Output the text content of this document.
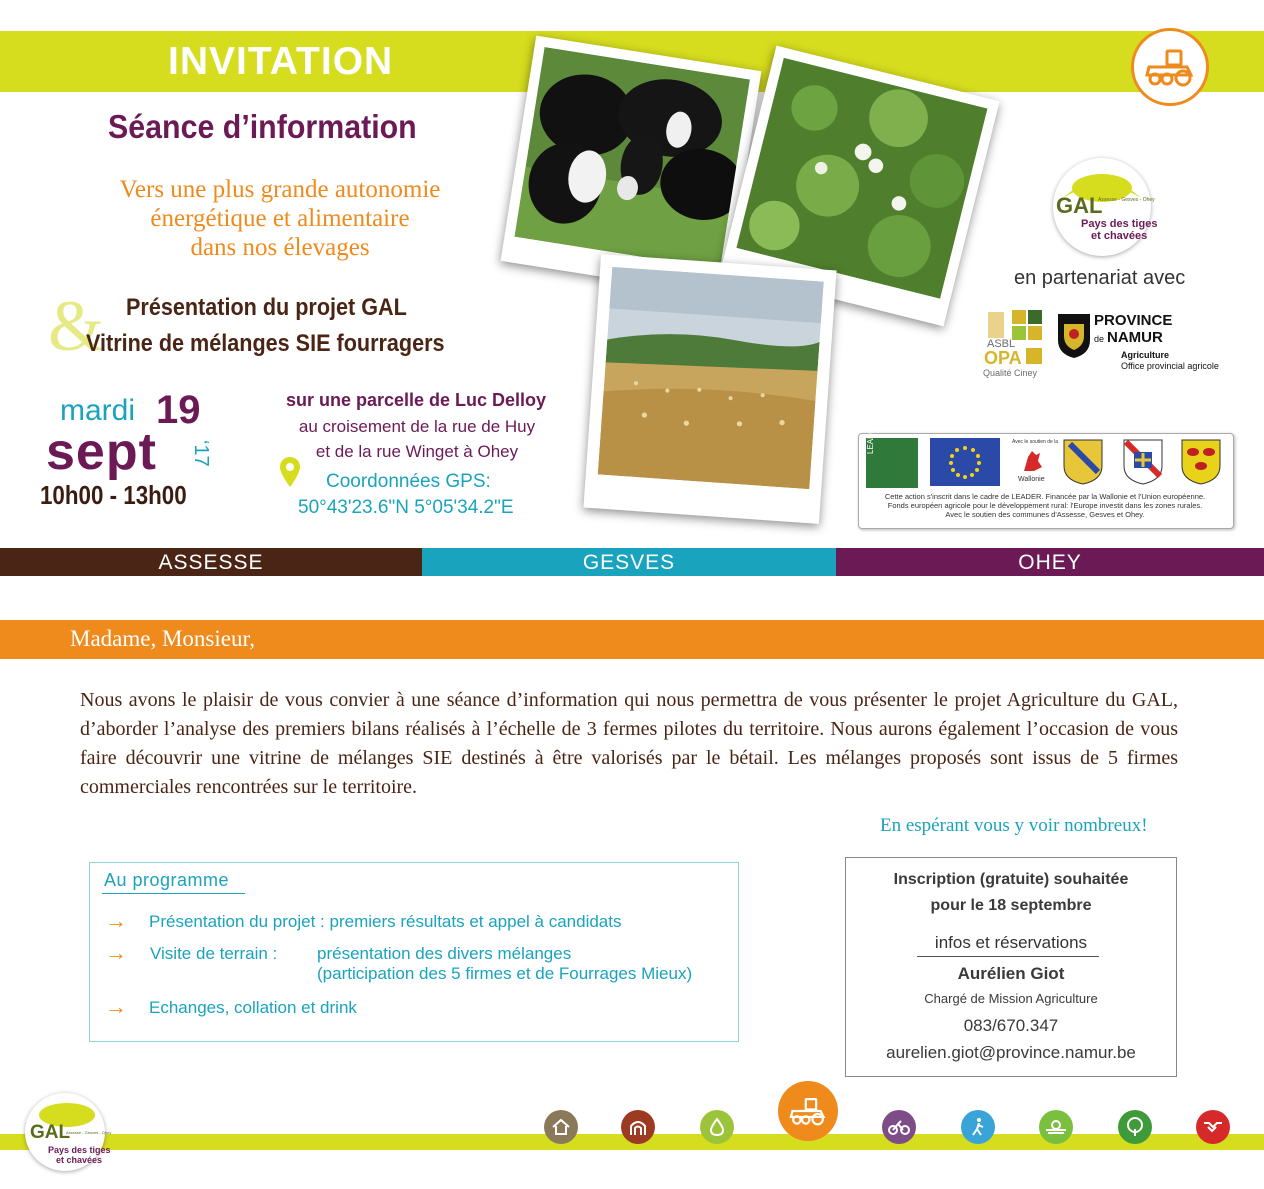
INVITATION
Séance d’information
Vers une plus grande autonomie
énergétique et alimentaire
dans nos élevages
& Présentation du projet GAL
Vitrine de mélanges SIE fourragers
mardi 19
sept ‘17
10h00 - 13h00
sur une parcelle de Luc Delloy
au croisement de la rue de Huy
et de la rue Winget à Ohey
Coordonnées GPS:
50°43'23.6"N 5°05'34.2"E
GAL
Assesse - Gesves - Ohey
Pays des tiges
et chavées
en partenariat avec
ASBL
OPA
Qualité Ciney
PROVINCE
de NAMUR
Agriculture
Office provincial agricole
LEADER	Avec le soutien de la
Wallonie
Cette action s'inscrit dans le cadre de LEADER. Financée par la Wallonie et l'Union européenne.
Fonds européen agricole pour le développement rural: l'Europe investit dans les zones rurales.
Avec le soutien des communes d'Assesse, Gesves et Ohey.
ASSESSE	GESVES	OHEY
Madame, Monsieur,
Nous avons le plaisir de vous convier à une séance d’information qui nous permettra de vous présenter le projet Agriculture du GAL, d’aborder l’analyse des premiers bilans réalisés à l’échelle de 3 fermes pilotes du territoire. Nous aurons également l’occasion de vous faire découvrir une vitrine de mélanges SIE destinés à être valorisés par le bétail. Les mélanges proposés sont issus de 5 firmes commerciales rencontrées sur le territoire.
En espérant vous y voir nombreux!
Au programme
→ Présentation du projet : premiers résultats et appel à candidats
→ Visite de terrain : présentation des divers mélanges
(participation des 5 firmes et de Fourrages Mieux)
→ Echanges, collation et drink
Inscription (gratuite) souhaitée
pour le 18 septembre
infos et réservations
Aurélien Giot
Chargé de Mission Agriculture
083/670.347
aurelien.giot@province.namur.be
GAL
Assesse - Gesves - Ohey
Pays des tiges
et chavées
